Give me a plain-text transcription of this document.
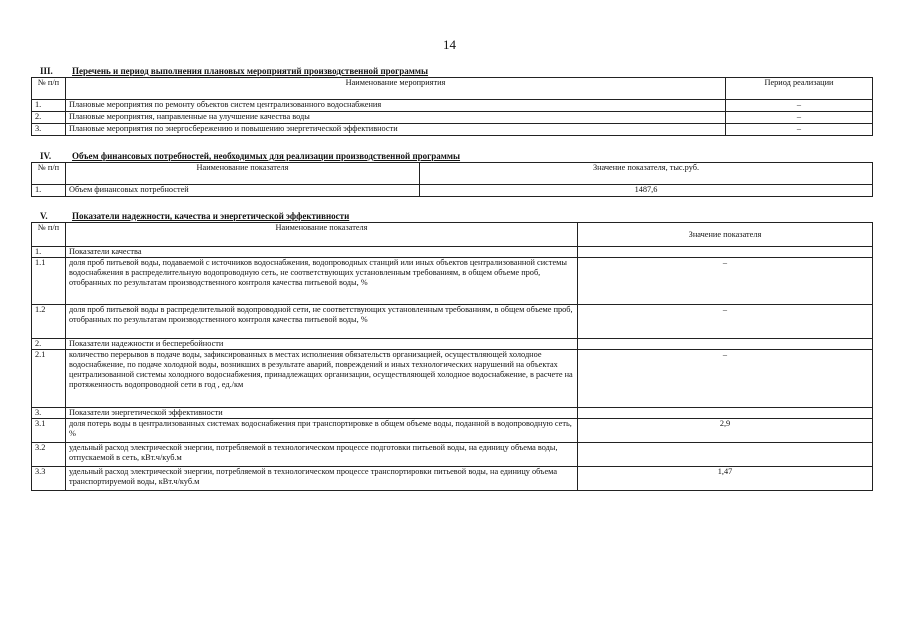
14
III. Перечень и период выполнения плановых мероприятий производственной программы
№ п/п	Наименование мероприятия	Период реализации
1.	Плановые мероприятия по ремонту объектов систем централизованного водоснабжения	–
2.	Плановые мероприятия, направленные на улучшение качества воды	–
3.	Плановые мероприятия по энергосбережению и повышению энергетической эффективности	–
IV. Объем финансовых потребностей, необходимых для реализации производственной программы
№ п/п	Наименование показателя	Значение показателя, тыс.руб.
1.	Объем финансовых потребностей	1487,6
V.	Показатели надежности, качества и энергетической эффективности
№ п/п	Наименование показателя	Значение показателя
1.	Показатели качества	
1.1	доля проб питьевой воды, подаваемой с источников водоснабжения, водопроводных станций или иных объектов централизованной системы водоснабжения в распределительную водопроводную сеть, не соответствующих установленным требованиям, в общем объеме проб, отобранных по результатам производственного контроля качества питьевой воды, %	–
1.2	доля проб питьевой воды в распределительной водопроводной сети, не соответствующих установленным требованиям, в общем объеме проб, отобранных по результатам производственного контроля качества питьевой воды, %	–
2.	Показатели надежности и бесперебойности	
2.1	количество перерывов в подаче воды, зафиксированных в местах исполнения обязательств организацией, осуществляющей холодное водоснабжение, по подаче холодной воды, возникших в результате аварий, повреждений и иных технологических нарушений на объектах централизованной системы холодного водоснабжения, принадлежащих организации, осуществляющей холодное водоснабжение, в расчете на протяженность водопроводной сети в год , ед./км	–
3.	Показатели энергетической эффективности	
3.1	доля потерь воды в централизованных системах водоснабжения при транспортировке в общем объеме воды, поданной в водопроводную сеть, %	2,9
3.2	удельный расход электрической энергии, потребляемой в технологическом процессе подготовки питьевой воды, на единицу объема воды, отпускаемой в сеть, кВт.ч/куб.м	
3.3	удельный расход электрической энергии, потребляемой в технологическом процессе транспортировки питьевой воды, на единицу объема транспортируемой воды, кВт.ч/куб.м	1,47
